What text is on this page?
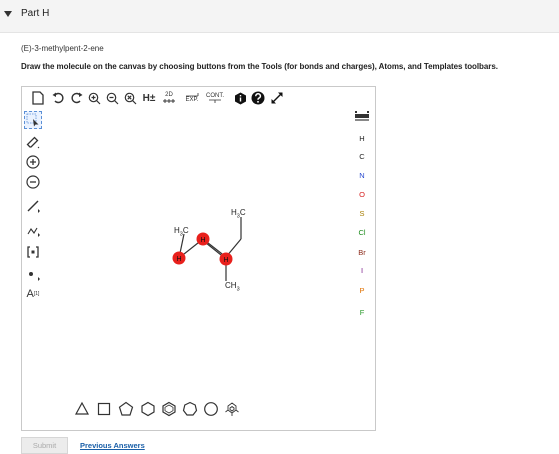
Part H
(E)-3-methylpent-2-ene
Draw the molecule on the canvas by choosing buttons from the Tools (for bonds and charges), Atoms, and Templates toolbars.
H±	2D
EXP.
CONT.
A [1]
$H_3C$
$H_3C$
$CH_3$
H
H	H
H
C
N
O
S
Cl
Br
I
P
F
Submit	Previous Answers
